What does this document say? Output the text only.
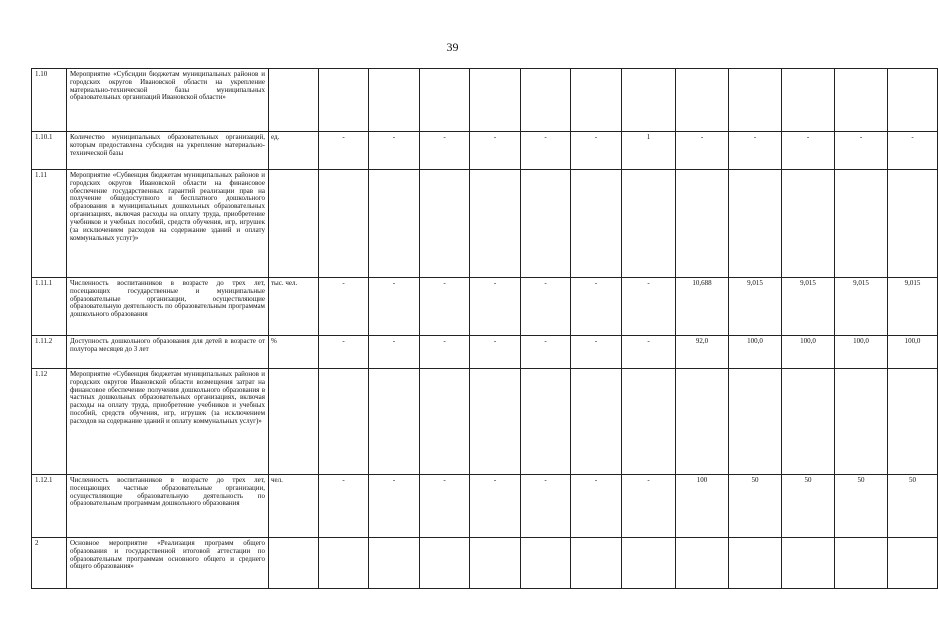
39
1.10	Мероприятие «Субсидии бюджетам муниципальных районов и городских округов Ивановской области на укрепление материально-технической базы муниципальных образовательных организаций Ивановской области»													
1.10.1	Количество муниципальных образовательных организаций, которым предоставлена субсидия на укрепление материально-технической базы	ед.	-	-	-	-	-	-	1	-	-	-	-	-
1.11	Мероприятие «Субвенция бюджетам муниципальных районов и городских округов Ивановской области на финансовое обеспечение государственных гарантий реализации прав на получение общедоступного и бесплатного дошкольного образования в муниципальных дошкольных образовательных организациях, включая расходы на оплату труда, приобретение учебников и учебных пособий, средств обучения, игр, игрушек (за исключением расходов на содержание зданий и оплату коммунальных услуг)»													
1.11.1	Численность воспитанников в возрасте до трех лет, посещающих государственные и муниципальные образовательные организации, осуществляющие образовательную деятельность по образовательным программам дошкольного образования	тыс. чел.	-	-	-	-	-	-	-	10,688	9,015	9,015	9,015	9,015
1.11.2	Доступность дошкольного образования для детей в возрасте от полутора месяцев до 3 лет	%	-	-	-	-	-	-	-	92,0	100,0	100,0	100,0	100,0
1.12	Мероприятие «Субвенция бюджетам муниципальных районов и городских округов Ивановской области возмещения затрат на финансовое обеспечение получения дошкольного образования в частных дошкольных образовательных организациях, включая расходы на оплату труда, приобретение учебников и учебных пособий, средств обучения, игр, игрушек (за исключением расходов на содержание зданий и оплату коммунальных услуг)»													
1.12.1	Численность воспитанников в возрасте до трех лет, посещающих частные образовательные организации, осуществляющие образовательную деятельность по образовательным программам дошкольного образования	чел.	-	-	-	-	-	-	-	100	50	50	50	50
2	Основное мероприятие «Реализация программ общего образования и государственной итоговой аттестации по образовательным программам основного общего и среднего общего образования»													
